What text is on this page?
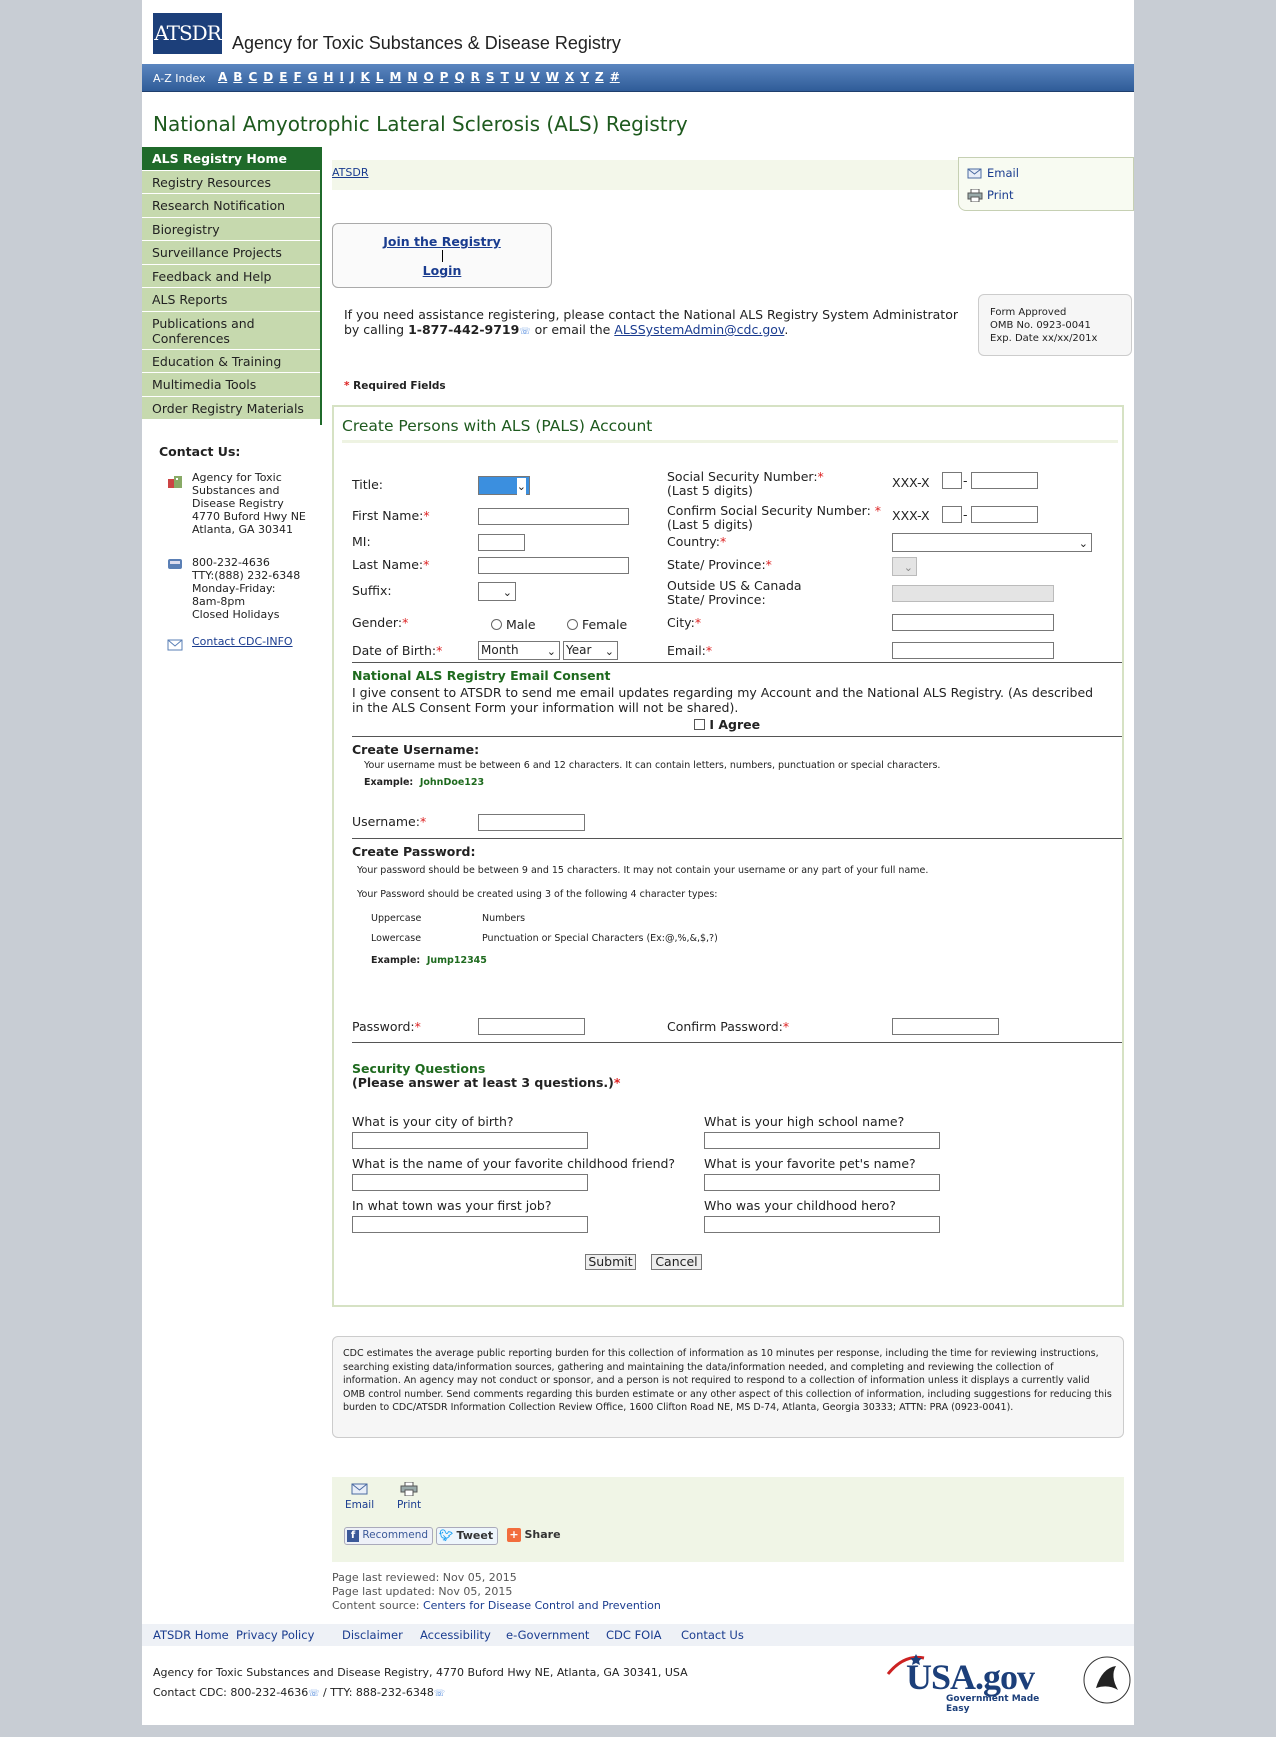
ATSDR Agency for Toxic Substances & Disease Registry
A-Z Index A B C D E F G H I J K L M N O P Q R S T U V W X Y Z #
National Amyotrophic Lateral Sclerosis (ALS) Registry
ALS Registry Home
Registry Resources
Research Notification
Bioregistry
Surveillance Projects
Feedback and Help
ALS Reports
Publications and Conferences
Education & Training
Multimedia Tools
Order Registry Materials
Contact Us:
Agency for Toxic
Substances and
Disease Registry
4770 Buford Hwy NE
Atlanta, GA 30341
800-232-4636
TTY:(888) 232-6348
Monday-Friday:
8am-8pm
Closed Holidays
Contact CDC-INFO
ATSDR	Email
Print
Join the Registry
Login
If you need assistance registering, please contact the National ALS Registry System Administrator by calling 1-877-442-9719☏ or email the ALSSystemAdmin@cdc.gov.
Form Approved
OMB No. 0923-0041
Exp. Date xx/xx/201x
* Required Fields
Create Persons with ALS (PALS) Account
Title:	⌄
First Name:*
MI:
Last Name:*
Suffix:	⌄
Gender:*	Male	Female
Date of Birth:*	Month	⌄ Year ⌄
Social Security Number:*
(Last 5 digits)
XXX-X	-
Confirm Social Security Number: *
(Last 5 digits)
XXX-X	-
Country:*	⌄
State/ Province:*	⌄
Outside US & Canada
State/ Province:
City:*
Email:*
National ALS Registry Email Consent
I give consent to ATSDR to send me email updates regarding my Account and the National ALS Registry. (As described in the ALS Consent Form your information will not be shared).
I Agree
Create Username:
Your username must be between 6 and 12 characters. It can contain letters, numbers, punctuation or special characters.
Example: JohnDoe123
Username:*
Create Password:
Your password should be between 9 and 15 characters. It may not contain your username or any part of your full name.
Your Password should be created using 3 of the following 4 character types:
Uppercase	Numbers
Lowercase	Punctuation or Special Characters (Ex:@,%,&,$,?)
Example: Jump12345
Password:*	Confirm Password:*
Security Questions
(Please answer at least 3 questions.)*
What is your city of birth?	What is your high school name?
What is the name of your favorite childhood friend? What is your favorite pet's name?
In what town was your first job?	Who was your childhood hero?
Submit	Cancel
CDC estimates the average public reporting burden for this collection of information as 10 minutes per response, including the time for reviewing instructions, searching existing data/information sources, gathering and maintaining the data/information needed, and completing and reviewing the collection of information. An agency may not conduct or sponsor, and a person is not required to respond to a collection of information unless it displays a currently valid OMB control number. Send comments regarding this burden estimate or any other aspect of this collection of information, including suggestions for reducing this burden to CDC/ATSDR Information Collection Review Office, 1600 Clifton Road NE, MS D-74, Atlanta, Georgia 30333; ATTN: PRA (0923-0041).

Email Print
f Recommend 🐦︎ Tweet	+ Share
Page last reviewed: Nov 05, 2015
Page last updated: Nov 05, 2015
Content source: Centers for Disease Control and Prevention
ATSDR Home Privacy Policy Disclaimer Accessibility e-Government CDC FOIA Contact Us
Agency for Toxic Substances and Disease Registry, 4770 Buford Hwy NE, Atlanta, GA 30341, USA
Contact CDC: 800-232-4636☏ / TTY: 888-232-6348☏	USA.gov
Government Made Easy
